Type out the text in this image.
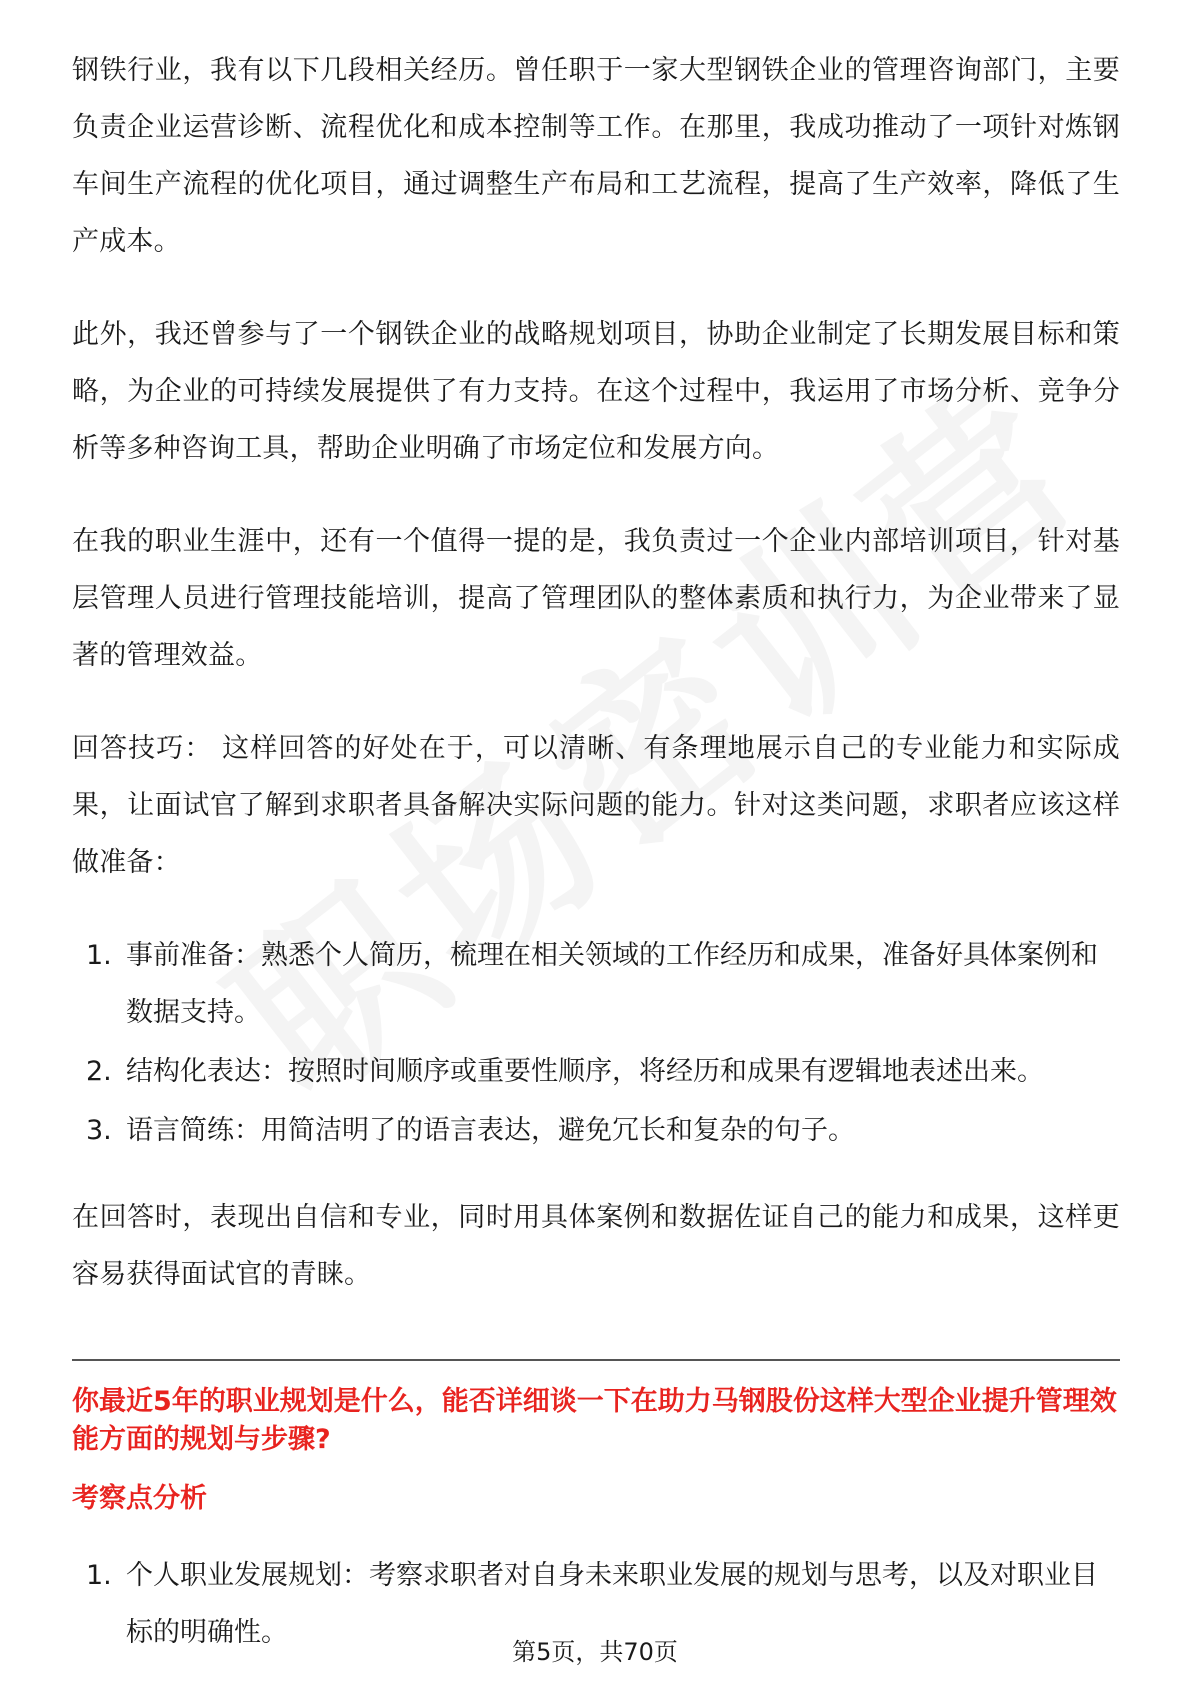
钢铁行业，我有以下几段相关经历。曾任职于一家大型钢铁企业的管理咨询部门，主要负责企业运营诊断、流程优化和成本控制等工作。在那里，我成功推动了一项针对炼钢车间生产流程的优化项目，通过调整生产布局和工艺流程，提高了生产效率，降低了生产成本。

此外，我还曾参与了一个钢铁企业的战略规划项目，协助企业制定了长期发展目标和策略，为企业的可持续发展提供了有力支持。在这个过程中，我运用了市场分析、竞争分析等多种咨询工具，帮助企业明确了市场定位和发展方向。

在我的职业生涯中，还有一个值得一提的是，我负责过一个企业内部培训项目，针对基层管理人员进行管理技能培训，提高了管理团队的整体素质和执行力，为企业带来了显著的管理效益。

回答技巧： 这样回答的好处在于，可以清晰、有条理地展示自己的专业能力和实际成果，让面试官了解到求职者具备解决实际问题的能力。针对这类问题，求职者应该这样做准备：

1. 事前准备：熟悉个人简历，梳理在相关领域的工作经历和成果，准备好具体案例和数据支持。
2. 结构化表达：按照时间顺序或重要性顺序，将经历和成果有逻辑地表述出来。
3. 语言简练：用简洁明了的语言表达，避免冗长和复杂的句子。

在回答时，表现出自信和专业，同时用具体案例和数据佐证自己的能力和成果，这样更容易获得面试官的青睐。

你最近5年的职业规划是什么，能否详细谈一下在助力马钢股份这样大型企业提升管理效能方面的规划与步骤?
考察点分析
1. 个人职业发展规划：考察求职者对自身未来职业发展的规划与思考，以及对职业目标的明确性。
第5页，共70页
